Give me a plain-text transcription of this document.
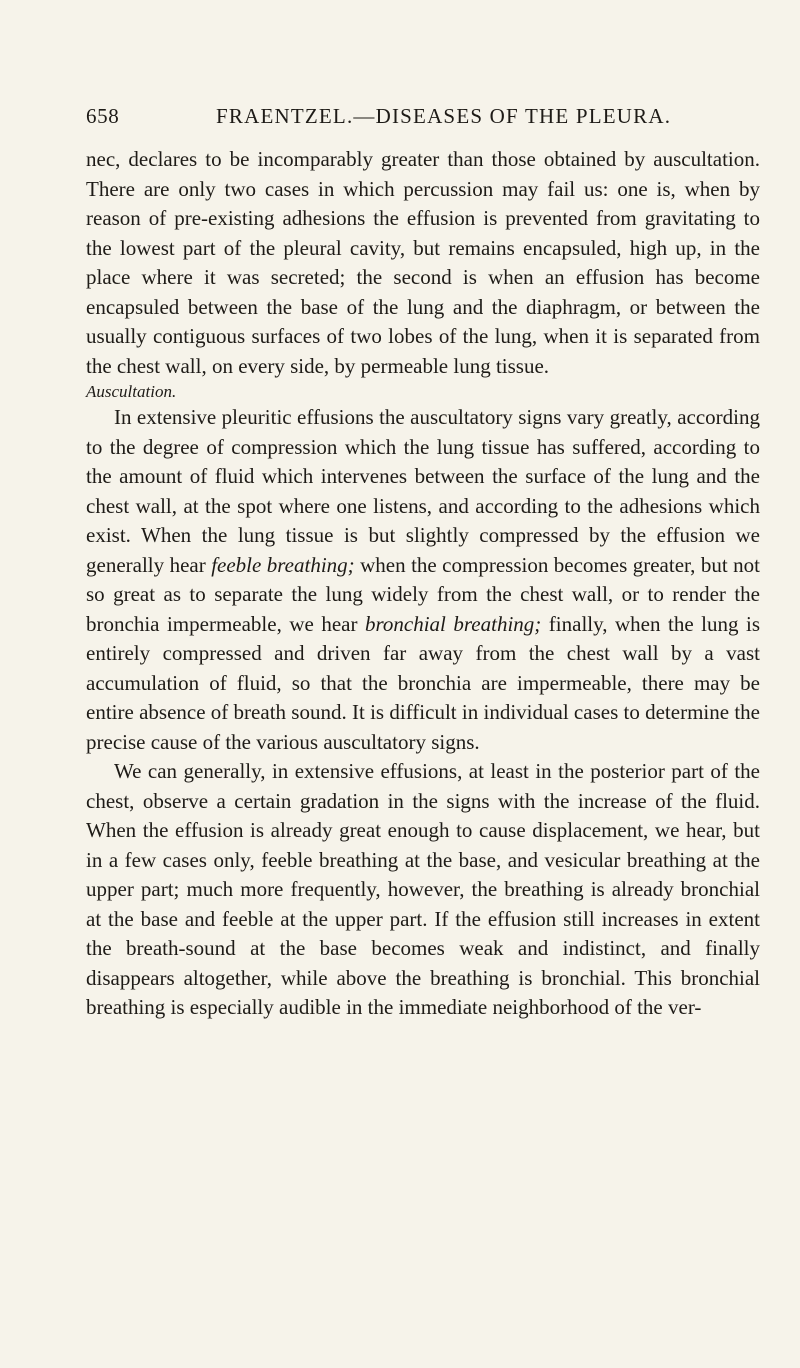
658	FRAENTZEL.—DISEASES OF THE PLEURA.

nec, declares to be incomparably greater than those obtained by auscultation. There are only two cases in which percussion may fail us: one is, when by reason of pre-existing adhesions the effusion is prevented from gravitating to the lowest part of the pleural cavity, but remains encapsuled, high up, in the place where it was secreted; the second is when an effusion has become encapsuled between the base of the lung and the diaphragm, or between the usually contiguous surfaces of two lobes of the lung, when it is separated from the chest wall, on every side, by permeable lung tissue.

Auscultation.

In extensive pleuritic effusions the auscultatory signs vary greatly, according to the degree of compression which the lung tissue has suffered, according to the amount of fluid which intervenes between the surface of the lung and the chest wall, at the spot where one listens, and according to the adhesions which exist. When the lung tissue is but slightly compressed by the effusion we generally hear feeble breathing; when the compression becomes greater, but not so great as to separate the lung widely from the chest wall, or to render the bronchia impermeable, we hear bronchial breathing; finally, when the lung is entirely compressed and driven far away from the chest wall by a vast accumulation of fluid, so that the bronchia are impermeable, there may be entire absence of breath sound. It is difficult in individual cases to determine the precise cause of the various auscultatory signs.

We can generally, in extensive effusions, at least in the posterior part of the chest, observe a certain gradation in the signs with the increase of the fluid. When the effusion is already great enough to cause displacement, we hear, but in a few cases only, feeble breathing at the base, and vesicular breathing at the upper part; much more frequently, however, the breathing is already bronchial at the base and feeble at the upper part. If the effusion still increases in extent the breath-sound at the base becomes weak and indistinct, and finally disappears altogether, while above the breathing is bronchial. This bronchial breathing is especially audible in the immediate neighborhood of the ver-
